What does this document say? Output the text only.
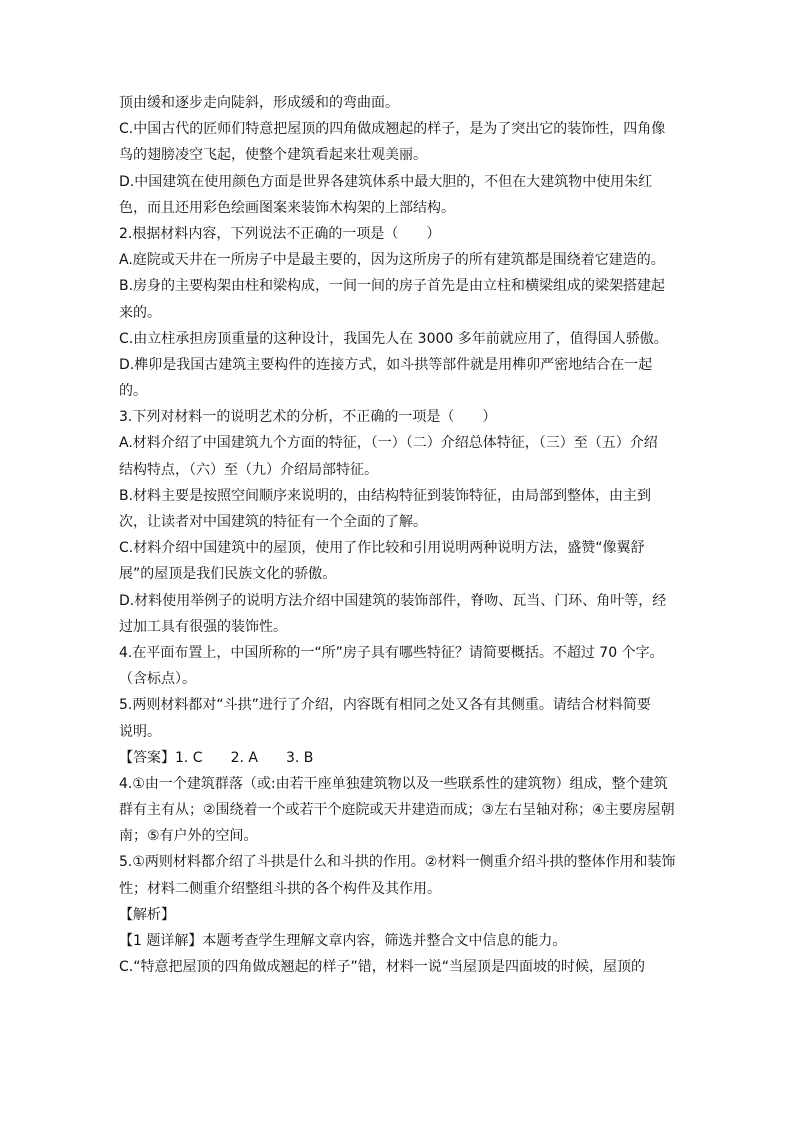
顶由缓和逐步走向陡斜，形成缓和的弯曲面。
C.中国古代的匠师们特意把屋顶的四角做成翘起的样子，是为了突出它的装饰性，四角像
鸟的翅膀凌空飞起，使整个建筑看起来壮观美丽。
D.中国建筑在使用颜色方面是世界各建筑体系中最大胆的，不但在大建筑物中使用朱红
色，而且还用彩色绘画图案来装饰木构架的上部结构。
2.根据材料内容，下列说法不正确的一项是（　　）
A.庭院或天井在一所房子中是最主要的，因为这所房子的所有建筑都是围绕着它建造的。
B.房身的主要构架由柱和梁构成，一间一间的房子首先是由立柱和横梁组成的梁架搭建起
来的。
C.由立柱承担房顶重量的这种设计，我国先人在 3000 多年前就应用了，值得国人骄傲。
D.榫卯是我国古建筑主要构件的连接方式，如斗拱等部件就是用榫卯严密地结合在一起
的。
3.下列对材料一的说明艺术的分析，不正确的一项是（　　）
A.材料介绍了中国建筑九个方面的特征，（一）（二）介绍总体特征，（三）至（五）介绍
结构特点，（六）至（九）介绍局部特征。
B.材料主要是按照空间顺序来说明的，由结构特征到装饰特征，由局部到整体，由主到
次，让读者对中国建筑的特征有一个全面的了解。
C.材料介绍中国建筑中的屋顶，使用了作比较和引用说明两种说明方法，盛赞“像翼舒
展”的屋顶是我们民族文化的骄傲。
D.材料使用举例子的说明方法介绍中国建筑的装饰部件，脊吻、瓦当、门环、角叶等，经
过加工具有很强的装饰性。
4.在平面布置上，中国所称的一“所”房子具有哪些特征？请简要概括。不超过 70 个字。
（含标点）。
5.两则材料都对“斗拱”进行了介绍，内容既有相同之处又各有其侧重。请结合材料简要
说明。
【答案】1. C　　2. A　　3. B
4.①由一个建筑群落（或:由若干座单独建筑物以及一些联系性的建筑物）组成，整个建筑
群有主有从；②围绕着一个或若干个庭院或天井建造而成；③左右呈轴对称；④主要房屋朝
南；⑤有户外的空间。
5.①两则材料都介绍了斗拱是什么和斗拱的作用。②材料一侧重介绍斗拱的整体作用和装饰
性；材料二侧重介绍整组斗拱的各个构件及其作用。
【解析】
【1 题详解】本题考查学生理解文章内容，筛选并整合文中信息的能力。
C.“特意把屋顶的四角做成翘起的样子”错，材料一说“当屋顶是四面坡的时候，屋顶的
